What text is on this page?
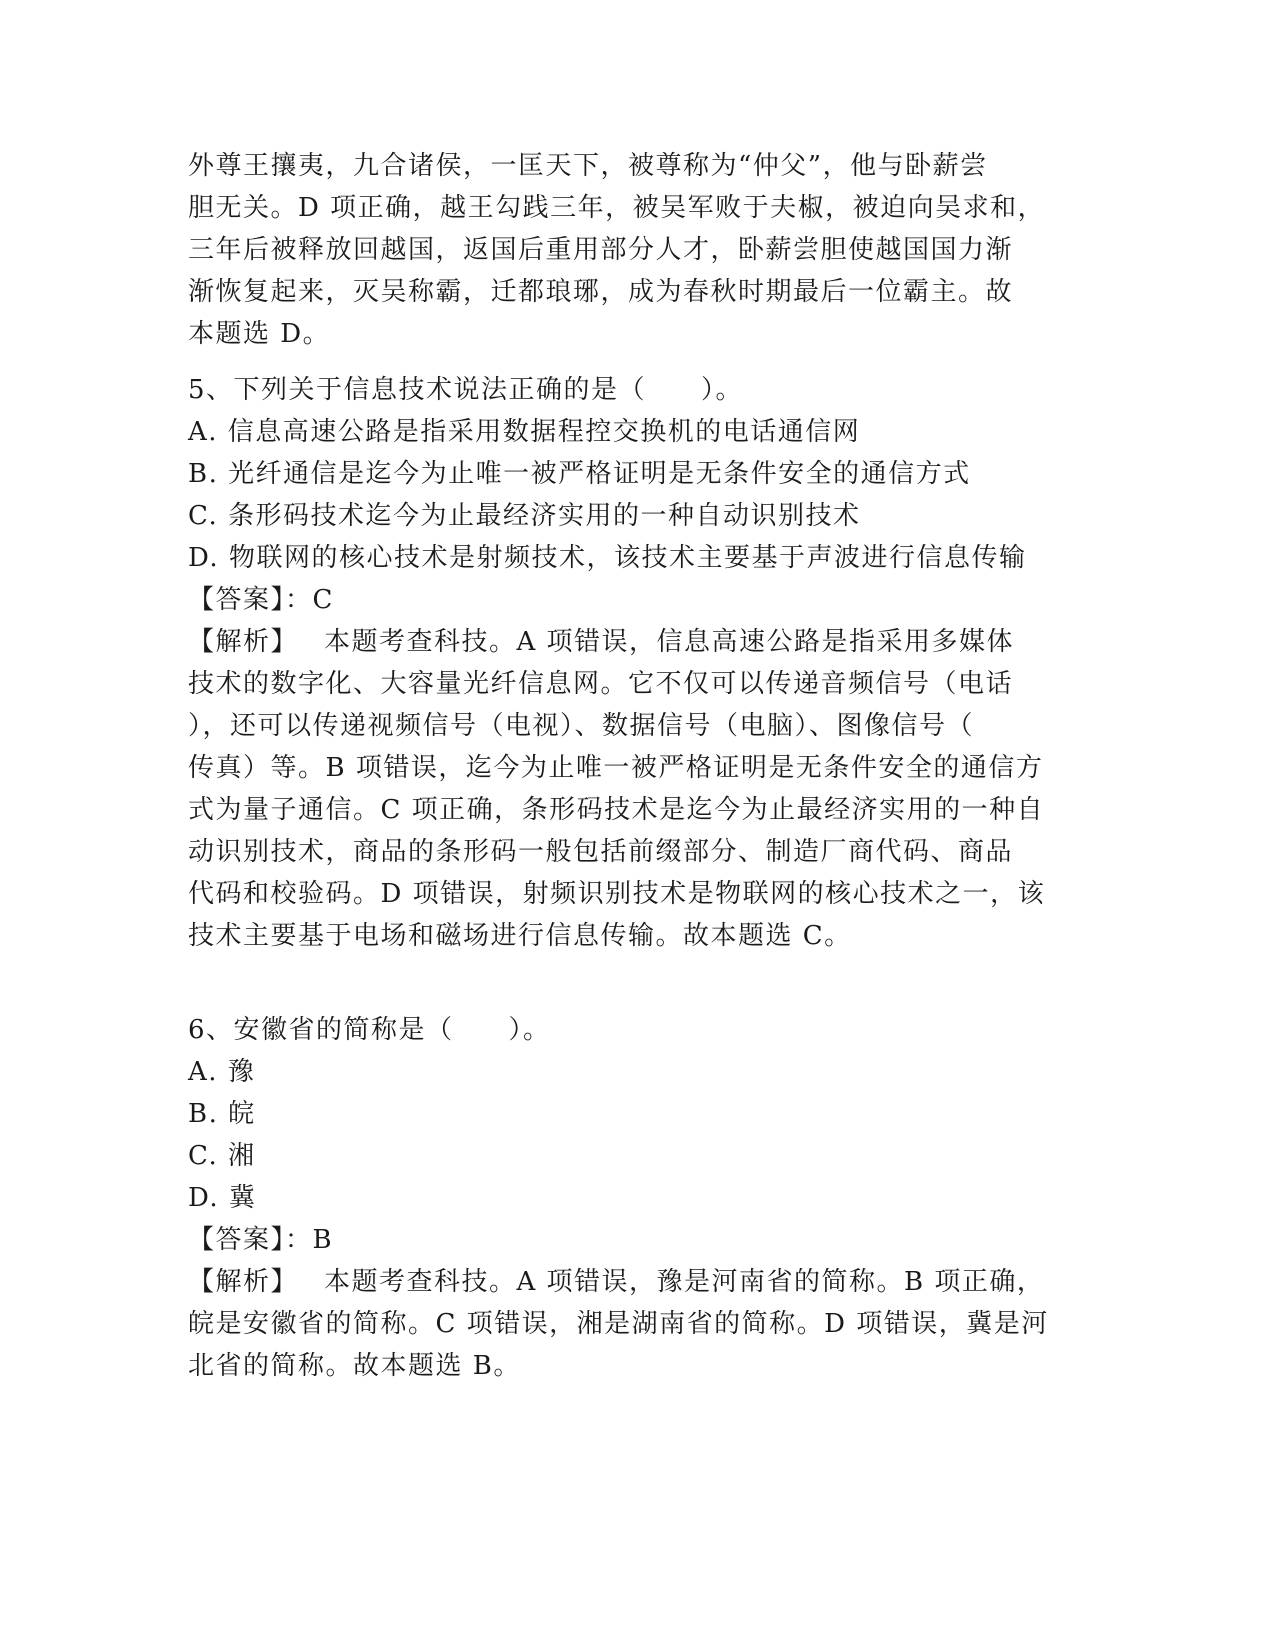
外尊王攘夷，九合诸侯，一匡天下，被尊称为“仲父”，他与卧薪尝
胆无关。D 项正确，越王勾践三年，被吴军败于夫椒，被迫向吴求和，
三年后被释放回越国，返国后重用部分人才，卧薪尝胆使越国国力渐
渐恢复起来，灭吴称霸，迁都琅琊，成为春秋时期最后一位霸主。故
本题选 D。
5、下列关于信息技术说法正确的是（　　）。
A. 信息高速公路是指采用数据程控交换机的电话通信网
B. 光纤通信是迄今为止唯一被严格证明是无条件安全的通信方式
C. 条形码技术迄今为止最经济实用的一种自动识别技术
D. 物联网的核心技术是射频技术，该技术主要基于声波进行信息传输
【答案】：C
【解析】 本题考查科技。A 项错误，信息高速公路是指采用多媒体
技术的数字化、大容量光纤信息网。它不仅可以传递音频信号（电话
），还可以传递视频信号（电视）、数据信号（电脑）、图像信号（
传真）等。B 项错误，迄今为止唯一被严格证明是无条件安全的通信方
式为量子通信。C 项正确，条形码技术是迄今为止最经济实用的一种自
动识别技术，商品的条形码一般包括前缀部分、制造厂商代码、商品
代码和校验码。D 项错误，射频识别技术是物联网的核心技术之一，该
技术主要基于电场和磁场进行信息传输。故本题选 C。
6、安徽省的简称是（　　）。
A. 豫
B. 皖
C. 湘
D. 冀
【答案】：B
【解析】 本题考查科技。A 项错误，豫是河南省的简称。B 项正确，
皖是安徽省的简称。C 项错误，湘是湖南省的简称。D 项错误，冀是河
北省的简称。故本题选 B。
